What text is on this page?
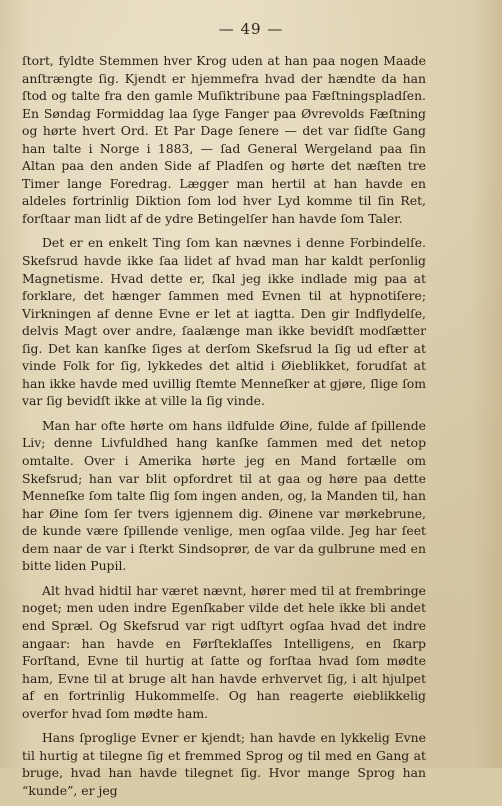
— 49 —

ſtort, fyldte Stemmen hver Krog uden at han paa nogen Maade anſtrængte ſig. Kjendt er hjemmefra hvad der hændte da han ſtod og talte fra den gamle Muſiktribune paa Fæſtningspladſen. En Søndag Formiddag laa ſyge Fanger paa Øvrevolds Fæſtning og hørte hvert Ord. Et Par Dage ſenere — det var ſidſte Gang han talte i Norge i 1883, — ſad General Wergeland paa ſin Altan paa den anden Side af Pladſen og hørte det næſten tre Timer lange Foredrag. Lægger man hertil at han havde en aldeles fortrinlig Diktion ſom lod hver Lyd komme til ſin Ret, forſtaar man lidt af de ydre Betingelſer han havde ſom Taler.

Det er en enkelt Ting ſom kan nævnes i denne Forbindelſe. Skefsrud havde ikke ſaa lidet af hvad man har kaldt perſonlig Magnetisme. Hvad dette er, ſkal jeg ikke indlade mig paa at forklare, det hænger ſammen med Evnen til at hypnotiſere; Virkningen af denne Evne er let at iagtta. Den gir Indflydelſe, delvis Magt over andre, ſaalænge man ikke bevidſt modſætter ſig. Det kan kanſke ſiges at derſom Skefsrud la ſig ud efter at vinde Folk for ſig, lykkedes det altid i Øieblikket, forudſat at han ikke havde med uvillig ſtemte Menneſker at gjøre, ſlige ſom var ſig bevidſt ikke at ville la ſig vinde.

Man har ofte hørte om hans ildfulde Øine, fulde af ſpillende Liv; denne Livfuldhed hang kanſke ſammen med det netop omtalte. Over i Amerika hørte jeg en Mand fortælle om Skefsrud; han var blit opfordret til at gaa og høre paa dette Menneſke ſom talte ſlig ſom ingen anden, og, la Manden til, han har Øine ſom ſer tvers igjennem dig. Øinene var mørkebrune, de kunde være ſpillende venlige, men ogſaa vilde. Jeg har ſeet dem naar de var i ſterkt Sindsoprør, de var da gulbrune med en bitte liden Pupil.

Alt hvad hidtil har været nævnt, hører med til at frembringe noget; men uden indre Egenſkaber vilde det hele ikke bli andet end Spræl. Og Skefsrud var rigt udſtyrt ogſaa hvad det indre angaar: han havde en Førſteklaſſes Intelligens, en ſkarp Forſtand, Evne til hurtig at ſatte og forſtaa hvad ſom mødte ham, Evne til at bruge alt han havde erhvervet ſig, i alt hjulpet af en fortrinlig Hukommelſe. Og han reagerte øieblikkelig overfor hvad ſom mødte ham.

Hans ſproglige Evner er kjendt; han havde en lykkelig Evne til hurtig at tilegne ſig et fremmed Sprog og til med en Gang at bruge, hvad han havde tilegnet ſig. Hvor mange Sprog han “kunde”, er jeg
